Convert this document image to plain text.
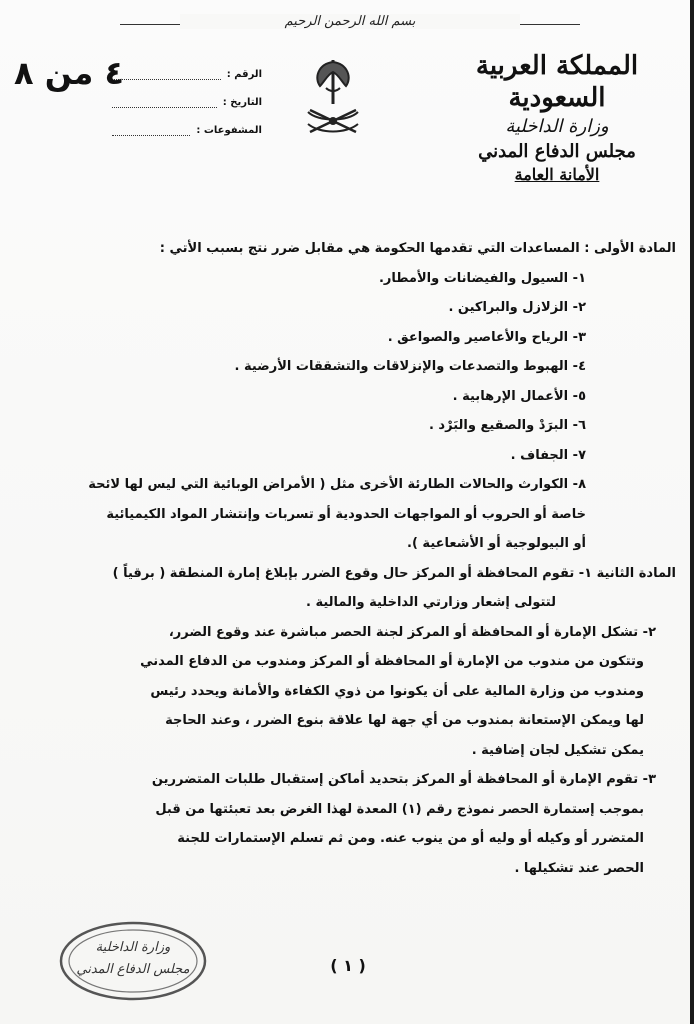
بسم الله الرحمن الرحيم
المملكة العربية السعودية
وزارة الداخلية
مجلس الدفاع المدني
الأمانة العامة
الرقم :
التاريخ :
المشفوعات :
٤ من ٨

المادة الأولى : المساعدات التي تقدمها الحكومة هي مقابل ضرر نتج بسبب الأتي :

١- السيول والفيضانات والأمطار.

٢- الزلازل والبراكين .

٣- الرياح والأعاصير والصواعق .

٤- الهبوط والتصدعات والإنزلاقات والتشققات الأرضية .

٥- الأعمال الإرهابية .

٦- البرَدْ والصقيع والبَرْد .

٧- الجفاف .

٨- الكوارث والحالات الطارئة الأخرى مثل ( الأمراض الوبائية التي ليس لها لائحة

خاصة أو الحروب أو المواجهات الحدودية أو تسربات وإنتشار المواد الكيميائية

أو البيولوجية أو الأشعاعية ).

المادة الثانية ١- تقوم المحافظة أو المركز حال وقوع الضرر بإبلاغ إمارة المنطقة ( برقياً )

لتتولى إشعار وزارتي الداخلية والمالية .

٢- تشكل الإمارة أو المحافظة أو المركز لجنة الحصر مباشرة عند وقوع الضرر،

وتتكون من مندوب من الإمارة أو المحافظة أو المركز ومندوب من الدفاع المدني

ومندوب من وزارة المالية على أن يكونوا من ذوي الكفاءة والأمانة ويحدد رئيس

لها ويمكن الإستعانة بمندوب من أي جهة لها علاقة بنوع الضرر ، وعند الحاجة

يمكن تشكيل لجان إضافية .

٣- تقوم الإمارة أو المحافظة أو المركز بتحديد أماكن إستقبال طلبات المتضررين

بموجب إستمارة الحصر نموذج رقم (١) المعدة لهذا الغرض بعد تعبئتها من قبل

المتضرر أو وكيله أو وليه أو من ينوب عنه. ومن ثم تسلم الإستمارات للجنة

الحصر عند تشكيلها .

( ١ )
وزارة الداخلية
مجلس الدفاع المدني
